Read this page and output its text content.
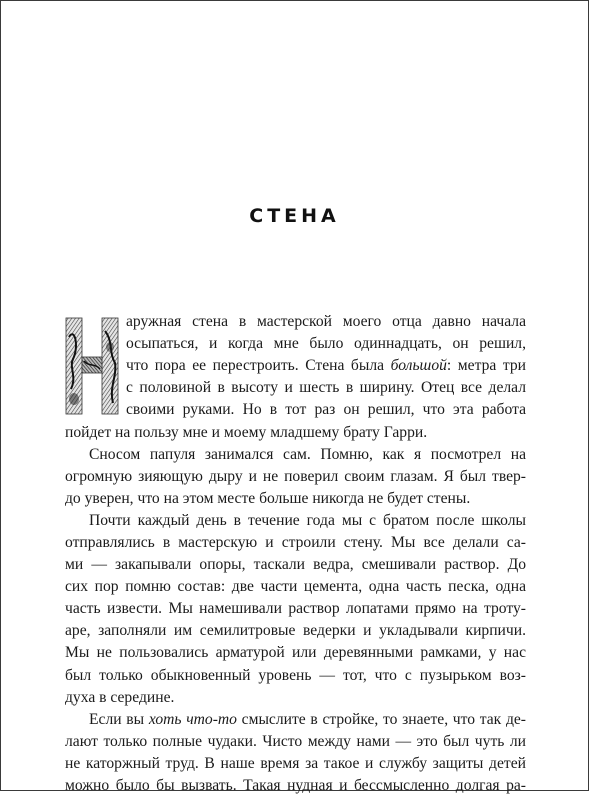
СТЕНА
аружная стена в мастерской моего отца давно начала
осыпаться, и когда мне было одиннадцать, он решил,
что пора ее перестроить. Стена была большой: метра три
с половиной в высоту и шесть в ширину. Отец все делал
своими руками. Но в тот раз он решил, что эта работа
пойдет на пользу мне и моему младшему брату Гарри.
Сносом папуля занимался сам. Помню, как я посмотрел на
огромную зияющую дыру и не поверил своим глазам. Я был твер-
до уверен, что на этом месте больше никогда не будет стены.
Почти каждый день в течение года мы с братом после школы
отправлялись в мастерскую и строили стену. Мы все делали са-
ми — закапывали опоры, таскали ведра, смешивали раствор. До
сих пор помню состав: две части цемента, одна часть песка, одна
часть извести. Мы намешивали раствор лопатами прямо на троту-
аре, заполняли им семилитровые ведерки и укладывали кирпичи.
Мы не пользовались арматурой или деревянными рамками, у нас
был только обыкновенный уровень — тот, что с пузырьком воз-
духа в середине.
Если вы хоть что-то смыслите в стройке, то знаете, что так де-
лают только полные чудаки. Чисто между нами — это был чуть ли
не каторжный труд. В наше время за такое и службу защиты детей
можно было бы вызвать. Такая нудная и бессмысленно долгая ра-
